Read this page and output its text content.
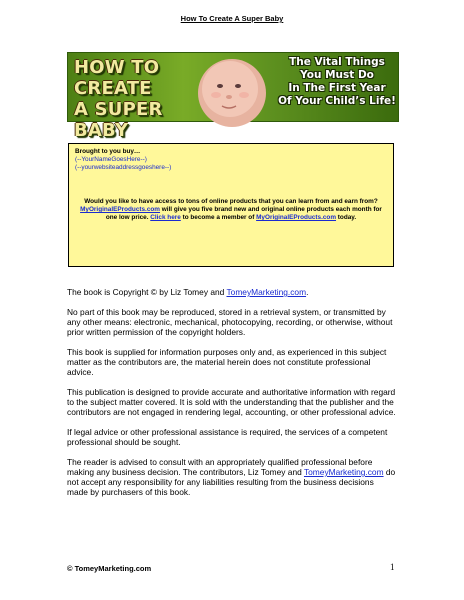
How To Create A Super Baby
HOW TO CREATE
A SUPER BABY
The Vital Things
You Must Do
In The First Year
Of Your Child’s Life!
Brought to you buy…
(--YourNameGoesHere--)
(--yourwebsiteaddressgoeshere--)
Would you like to have access to tons of online products that you can learn from and earn from? MyOriginalEProducts.com will give you five brand new and original online products each month for one low price. Click here to become a member of MyOriginalEProducts.com today.

The book is Copyright © by Liz Tomey and TomeyMarketing.com.

No part of this book may be reproduced, stored in a retrieval system, or transmitted by any other means: electronic, mechanical, photocopying, recording, or otherwise, without prior written permission of the copyright holders.

This book is supplied for information purposes only and, as experienced in this subject matter as the contributors are, the material herein does not constitute professional advice.

This publication is designed to provide accurate and authoritative information with regard to the subject matter covered. It is sold with the understanding that the publisher and the contributors are not engaged in rendering legal, accounting, or other professional advice.

If legal advice or other professional assistance is required, the services of a competent professional should be sought.

The reader is advised to consult with an appropriately qualified professional before making any business decision. The contributors, Liz Tomey and TomeyMarketing.com do not accept any responsibility for any liabilities resulting from the business decisions made by purchasers of this book.

© TomeyMarketing.com	1
